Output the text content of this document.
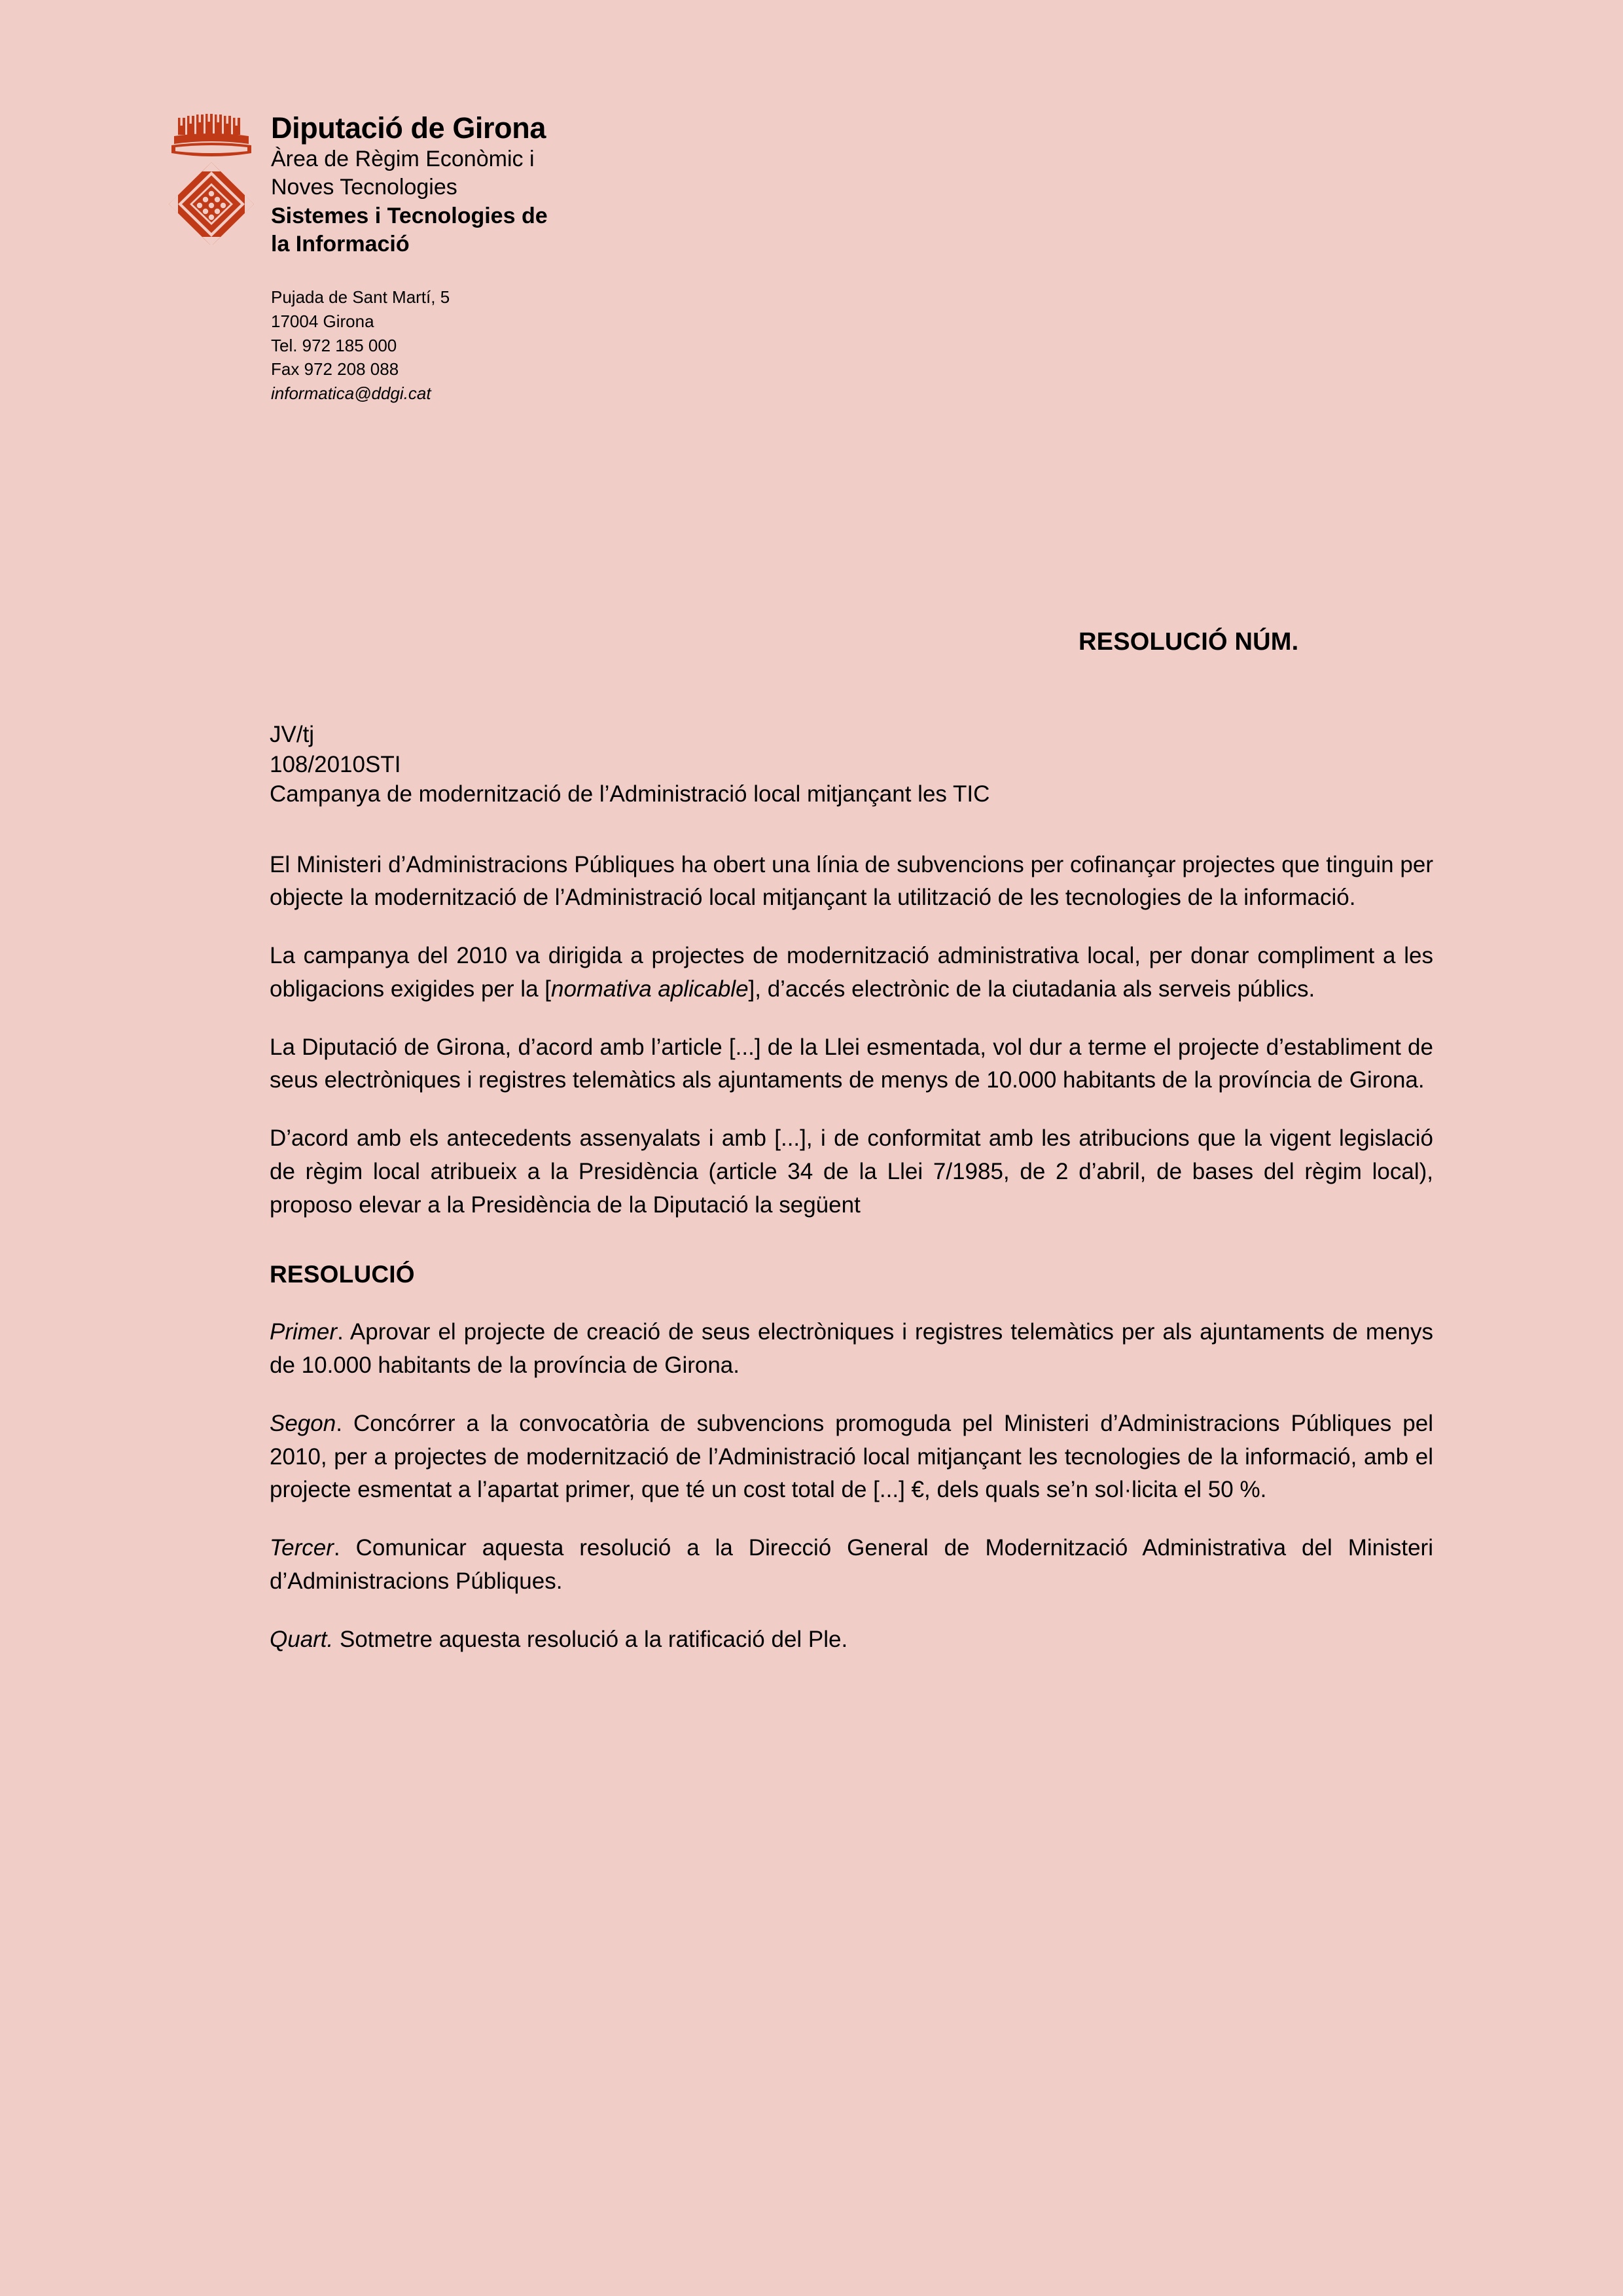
Diputació de Girona
Àrea de Règim Econòmic i
Noves Tecnologies
Sistemes i Tecnologies de
la Informació
Pujada de Sant Martí, 5
17004 Girona
Tel. 972 185 000
Fax 972 208 088
informatica@ddgi.cat
RESOLUCIÓ NÚM.
JV/tj
108/2010STI
Campanya de modernització de l’Administració local mitjançant les TIC
El Ministeri d’Administracions Públiques ha obert una línia de subvencions per cofinançar projectes que tinguin per objecte la modernització de l’Administració local mitjançant la utilització de les tecnologies de la informació.
La campanya del 2010 va dirigida a projectes de modernització administrativa local, per donar compliment a les obligacions exigides per la [normativa aplicable], d’accés electrònic de la ciutadania als serveis públics.
La Diputació de Girona, d’acord amb l’article [...] de la Llei esmentada, vol dur a terme el projecte d’establiment de seus electròniques i registres telemàtics als ajuntaments de menys de 10.000 habitants de la província de Girona.
D’acord amb els antecedents assenyalats i amb [...], i de conformitat amb les atribucions que la vigent legislació de règim local atribueix a la Presidència (article 34 de la Llei 7/1985, de 2 d’abril, de bases del règim local), proposo elevar a la Presidència de la Diputació la següent
RESOLUCIÓ
Primer. Aprovar el projecte de creació de seus electròniques i registres telemàtics per als ajuntaments de menys de 10.000 habitants de la província de Girona.
Segon. Concórrer a la convocatòria de subvencions promoguda pel Ministeri d’Administracions Públiques pel 2010, per a projectes de modernització de l’Administració local mitjançant les tecnologies de la informació, amb el projecte esmentat a l’apartat primer, que té un cost total de [...] €, dels quals se’n sol·licita el 50 %.
Tercer. Comunicar aquesta resolució a la Direcció General de Modernització Administrativa del Ministeri d’Administracions Públiques.
Quart. Sotmetre aquesta resolució a la ratificació del Ple.
